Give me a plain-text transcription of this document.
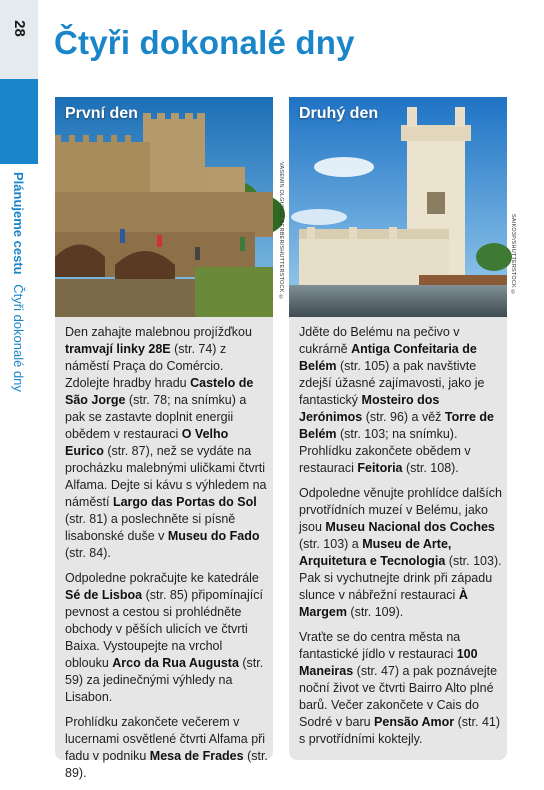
28
Plánujeme cestu Čtyři dokonalé dny
Čtyři dokonalé dny
První den

Den zahajte malebnou projížďkou tramvají linky 28E (str. 74) z náměstí Praça do Comércio. Zdolejte hradby hradu Castelo de São Jorge (str. 78; na snímku) a pak se zastavte doplnit energii obědem v restauraci O Velho Eurico (str. 87), než se vydáte na procházku malebnými uličkami čtvrti Alfama. Dejte si kávu s výhledem na náměstí Largo das Portas do Sol (str. 81) a poslechněte si písně lisabonské duše v Museu do Fado (str. 84).

Odpoledne pokračujte ke katedrále Sé de Lisboa (str. 85) připomínající pevnost a cestou si prohlédněte obchody v pěších ulicích ve čtvrti Baixa. Vystoupejte na vrchol oblouku Arco da Rua Augusta (str. 59) za jedinečnými výhledy na Lisabon.

Prohlídku zakončete večerem v lucernami osvětlené čtvrti Alfama při fadu v podniku Mesa de Frades (str. 89).

VASEMIN OLGUNOZ BERBER/SHUTTERSTOCK ©
Druhý den

Jděte do Belému na pečivo v cukrárně Antiga Confeitaria de Belém (str. 105) a pak navštivte zdejší úžasné zajímavosti, jako je fantastický Mosteiro dos Jerónimos (str. 96) a věž Torre de Belém (str. 103; na snímku). Prohlídku zakončete obědem v restauraci Feitoria (str. 108).

Odpoledne věnujte prohlídce dalších prvotřídních muzeí v Belému, jako jsou Museu Nacional dos Coches (str. 103) a Museu de Arte, Arquitetura e Tecnologia (str. 103). Pak si vychutnejte drink při západu slunce v nábřežní restauraci À Margem (str. 109).

Vraťte se do centra města na fantastické jídlo v restauraci 100 Maneiras (str. 47) a pak poznávejte noční život ve čtvrti Bairro Alto plné barů. Večer zakončete v Cais do Sodré v baru Pensão Amor (str. 41) s prvotřídními koktejly.

SAIKO3P/SHUTTERSTOCK ©
